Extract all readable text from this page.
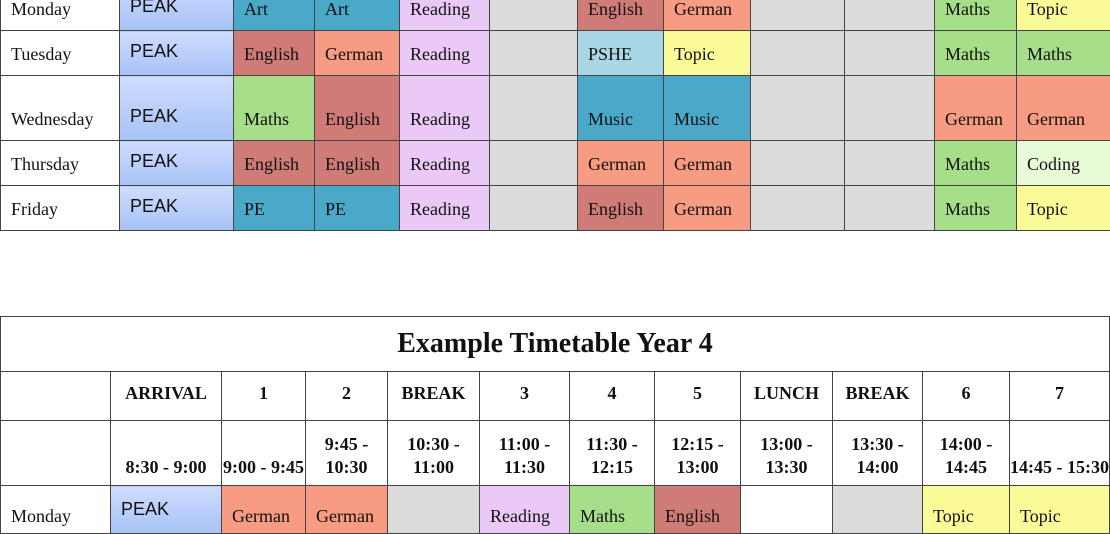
Monday	PEAK	Art	Art	Reading		English	German			Maths	Topic
Tuesday	PEAK	English	German	Reading		PSHE	Topic			Maths	Maths
Wednesday	PEAK	Maths	English	Reading		Music	Music			German	German
Thursday	PEAK	English	English	Reading		German	German			Maths	Coding
Friday	PEAK	PE	PE	Reading		English	German			Maths	Topic
Example Timetable Year 4											
	ARRIVAL	1	2	BREAK	3	4	5	LUNCH	BREAK	6	7
	8:30 - 9:00	9:00 - 9:45	9:45 - 10:30	10:30 - 11:00	11:00 - 11:30	11:30 - 12:15	12:15 - 13:00	13:00 - 13:30	13:30 - 14:00	14:00 - 14:45	14:45 - 15:30
Monday	PEAK	German	German		Reading	Maths	English			Topic	Topic
